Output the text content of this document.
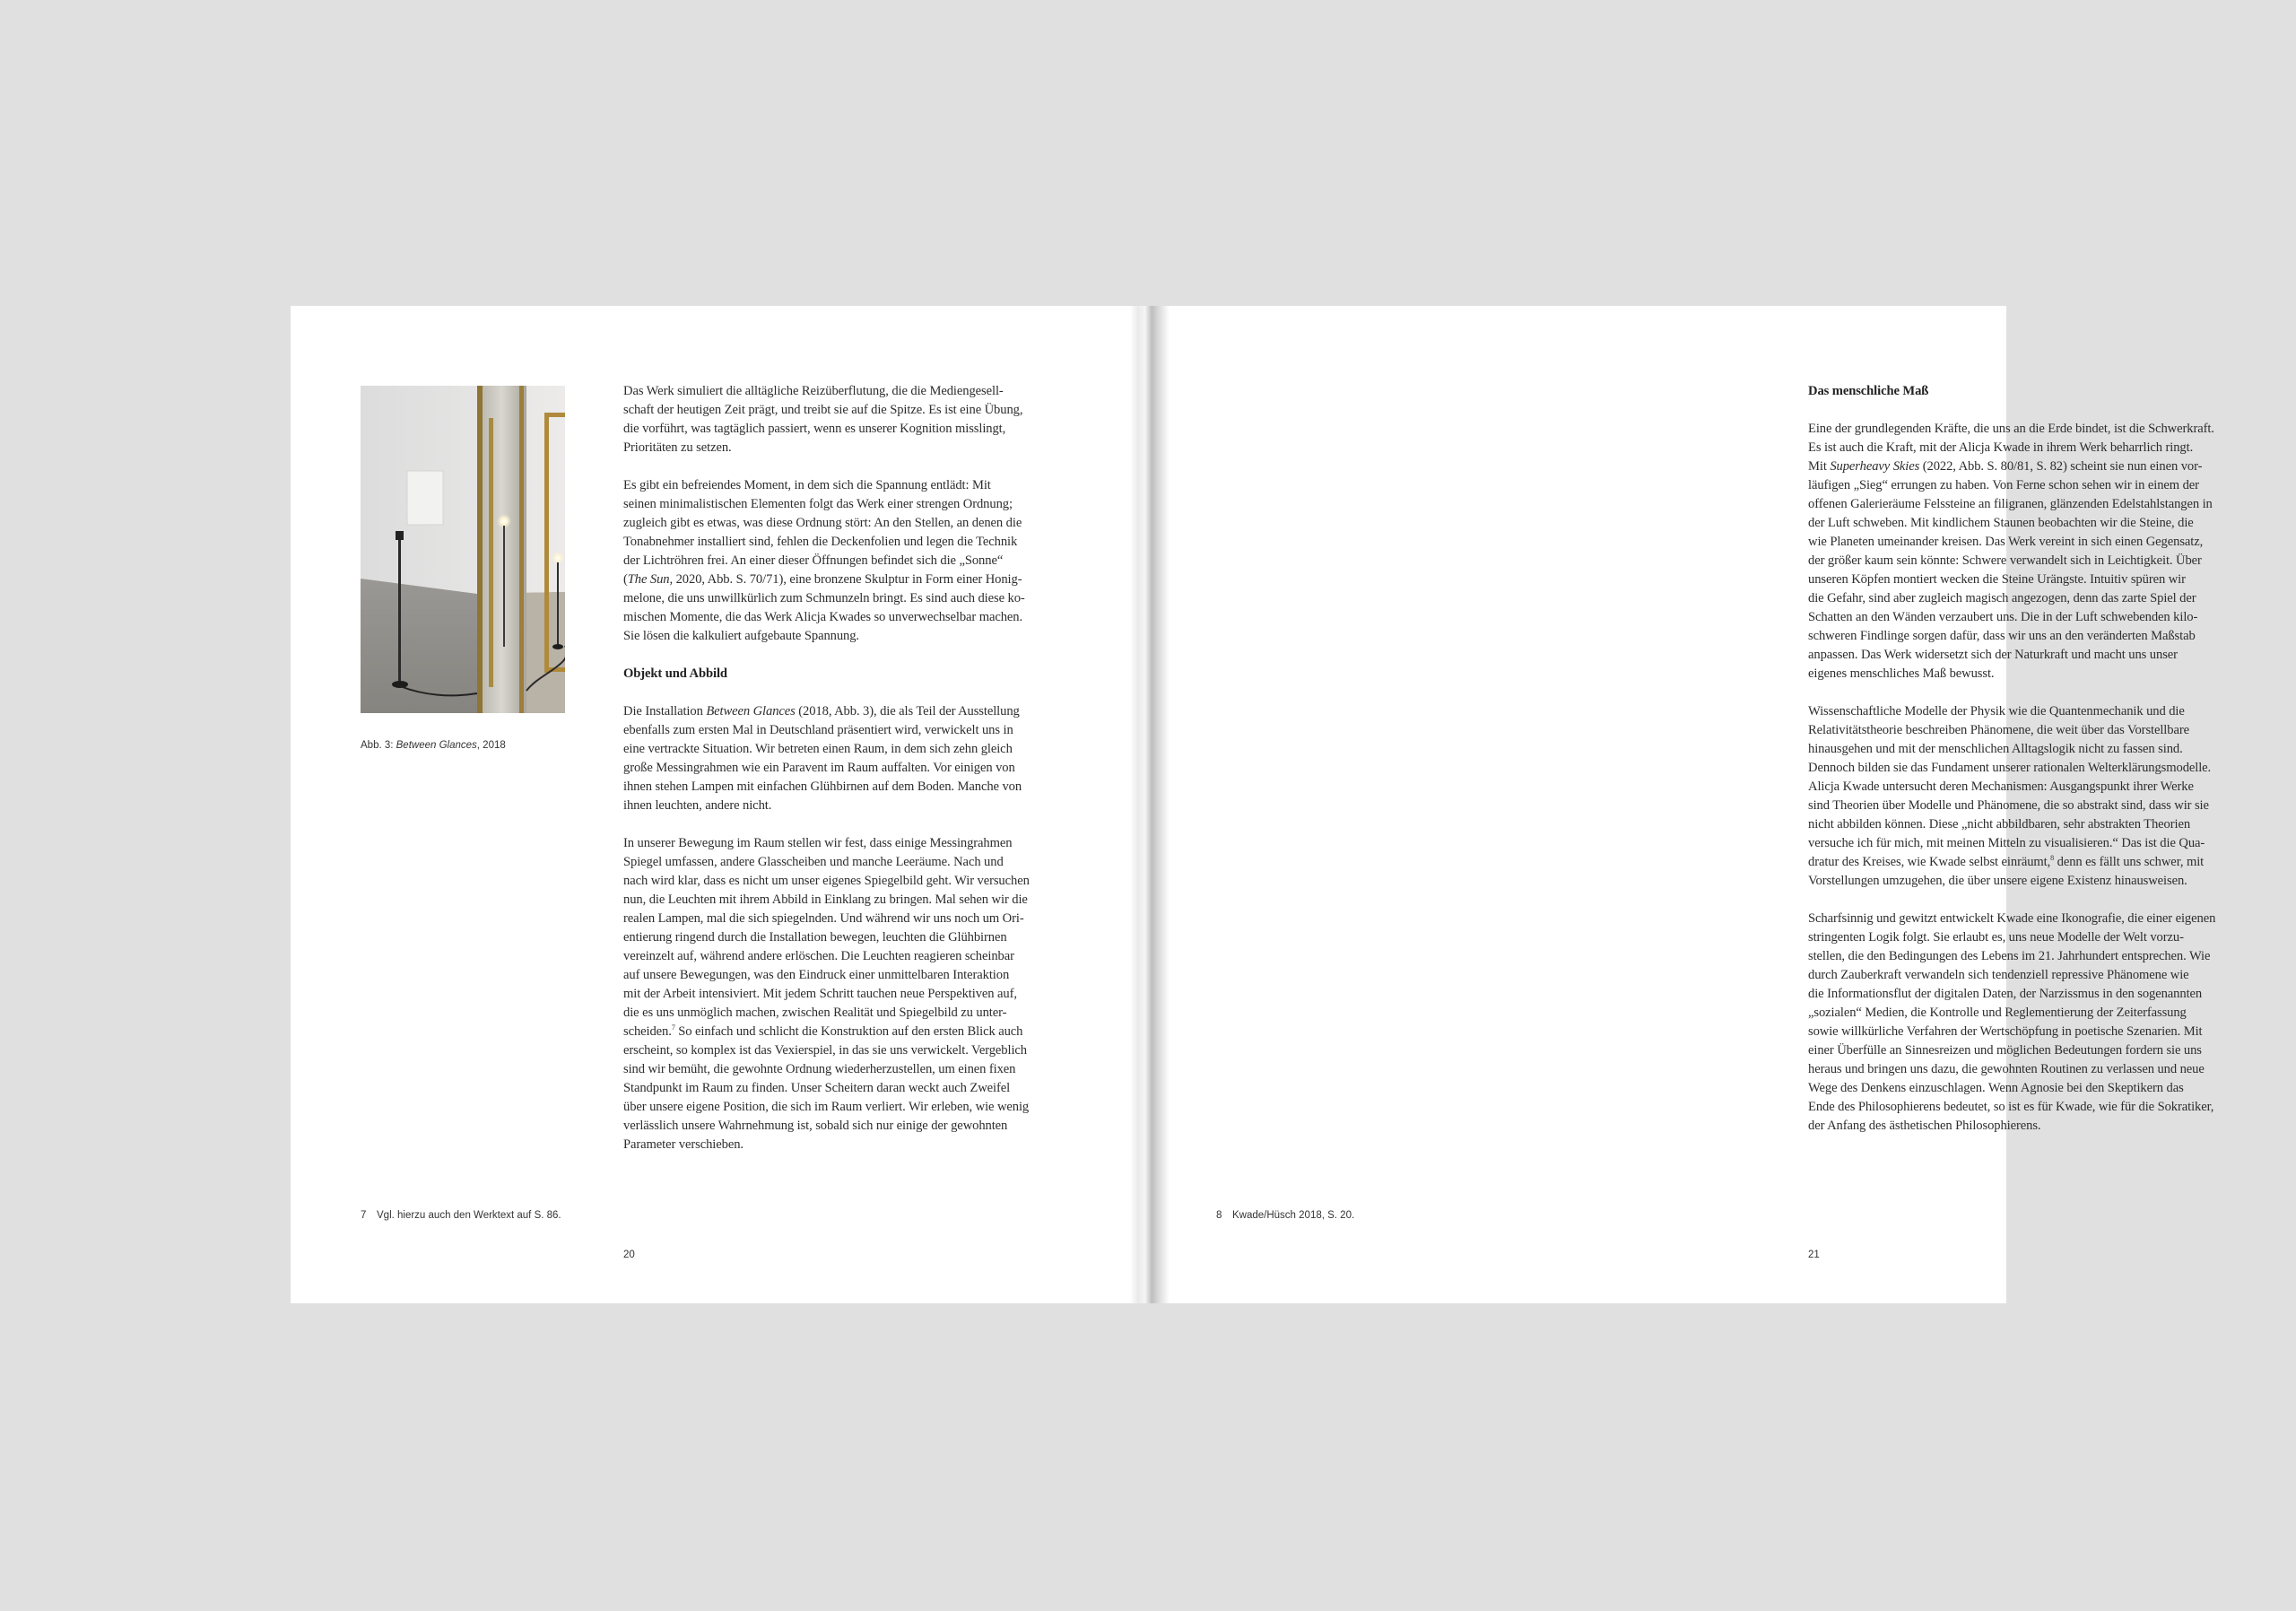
Abb. 3: Between Glances, 2018
Das Werk simuliert die alltägliche Reizüberflutung, die die Mediengesell-
schaft der heutigen Zeit prägt, und treibt sie auf die Spitze. Es ist eine Übung,
die vorführt, was tagtäglich passiert, wenn es unserer Kognition misslingt,
Prioritäten zu setzen.
Es gibt ein befreiendes Moment, in dem sich die Spannung entlädt: Mit
seinen minimalistischen Elementen folgt das Werk einer strengen Ordnung;
zugleich gibt es etwas, was diese Ordnung stört: An den Stellen, an denen die
Tonabnehmer installiert sind, fehlen die Deckenfolien und legen die Technik
der Lichtröhren frei. An einer dieser Öffnungen befindet sich die „Sonne“
(The Sun, 2020, Abb. S. 70/71), eine bronzene Skulptur in Form einer Honig-
melone, die uns unwillkürlich zum Schmunzeln bringt. Es sind auch diese ko-
mischen Momente, die das Werk Alicja Kwades so unverwechselbar machen.
Sie lösen die kalkuliert aufgebaute Spannung.
Objekt und Abbild
Die Installation Between Glances (2018, Abb. 3), die als Teil der Ausstellung
ebenfalls zum ersten Mal in Deutschland präsentiert wird, verwickelt uns in
eine vertrackte Situation. Wir betreten einen Raum, in dem sich zehn gleich
große Messingrahmen wie ein Paravent im Raum auffalten. Vor einigen von
ihnen stehen Lampen mit einfachen Glühbirnen auf dem Boden. Manche von
ihnen leuchten, andere nicht.
In unserer Bewegung im Raum stellen wir fest, dass einige Messingrahmen
Spiegel umfassen, andere Glasscheiben und manche Leeräume. Nach und
nach wird klar, dass es nicht um unser eigenes Spiegelbild geht. Wir versuchen
nun, die Leuchten mit ihrem Abbild in Einklang zu bringen. Mal sehen wir die
realen Lampen, mal die sich spiegelnden. Und während wir uns noch um Ori-
entierung ringend durch die Installation bewegen, leuchten die Glühbirnen
vereinzelt auf, während andere erlöschen. Die Leuchten reagieren scheinbar
auf unsere Bewegungen, was den Eindruck einer unmittelbaren Interaktion
mit der Arbeit intensiviert. Mit jedem Schritt tauchen neue Perspektiven auf,
die es uns unmöglich machen, zwischen Realität und Spiegelbild zu unter-
scheiden.$^7$ So einfach und schlicht die Konstruktion auf den ersten Blick auch
erscheint, so komplex ist das Vexierspiel, in das sie uns verwickelt. Vergeblich
sind wir bemüht, die gewohnte Ordnung wiederherzustellen, um einen fixen
Standpunkt im Raum zu finden. Unser Scheitern daran weckt auch Zweifel
über unsere eigene Position, die sich im Raum verliert. Wir erleben, wie wenig
verlässlich unsere Wahrnehmung ist, sobald sich nur einige der gewohnten
Parameter verschieben.
7 Vgl. hierzu auch den Werktext auf S. 86.
20
Das menschliche Maß
Eine der grundlegenden Kräfte, die uns an die Erde bindet, ist die Schwerkraft.
Es ist auch die Kraft, mit der Alicja Kwade in ihrem Werk beharrlich ringt.
Mit Superheavy Skies (2022, Abb. S. 80/81, S. 82) scheint sie nun einen vor-
läufigen „Sieg“ errungen zu haben. Von Ferne schon sehen wir in einem der
offenen Galerieräume Felssteine an filigranen, glänzenden Edelstahlstangen in
der Luft schweben. Mit kindlichem Staunen beobachten wir die Steine, die
wie Planeten umeinander kreisen. Das Werk vereint in sich einen Gegensatz,
der größer kaum sein könnte: Schwere verwandelt sich in Leichtigkeit. Über
unseren Köpfen montiert wecken die Steine Urängste. Intuitiv spüren wir
die Gefahr, sind aber zugleich magisch angezogen, denn das zarte Spiel der
Schatten an den Wänden verzaubert uns. Die in der Luft schwebenden kilo-
schweren Findlinge sorgen dafür, dass wir uns an den veränderten Maßstab
anpassen. Das Werk widersetzt sich der Naturkraft und macht uns unser
eigenes menschliches Maß bewusst.
Wissenschaftliche Modelle der Physik wie die Quantenmechanik und die
Relativitätstheorie beschreiben Phänomene, die weit über das Vorstellbare
hinausgehen und mit der menschlichen Alltagslogik nicht zu fassen sind.
Dennoch bilden sie das Fundament unserer rationalen Welterklärungsmodelle.
Alicja Kwade untersucht deren Mechanismen: Ausgangspunkt ihrer Werke
sind Theorien über Modelle und Phänomene, die so abstrakt sind, dass wir sie
nicht abbilden können. Diese „nicht abbildbaren, sehr abstrakten Theorien
versuche ich für mich, mit meinen Mitteln zu visualisieren.“ Das ist die Qua-
dratur des Kreises, wie Kwade selbst einräumt,$^8$ denn es fällt uns schwer, mit
Vorstellungen umzugehen, die über unsere eigene Existenz hinausweisen.
Scharfsinnig und gewitzt entwickelt Kwade eine Ikonografie, die einer eigenen
stringenten Logik folgt. Sie erlaubt es, uns neue Modelle der Welt vorzu-
stellen, die den Bedingungen des Lebens im 21. Jahrhundert entsprechen. Wie
durch Zauberkraft verwandeln sich tendenziell repressive Phänomene wie
die Informationsflut der digitalen Daten, der Narzissmus in den sogenannten
„sozialen“ Medien, die Kontrolle und Reglementierung der Zeiterfassung
sowie willkürliche Verfahren der Wertschöpfung in poetische Szenarien. Mit
einer Überfülle an Sinnesreizen und möglichen Bedeutungen fordern sie uns
heraus und bringen uns dazu, die gewohnten Routinen zu verlassen und neue
Wege des Denkens einzuschlagen. Wenn Agnosie bei den Skeptikern das
Ende des Philosophierens bedeutet, so ist es für Kwade, wie für die Sokratiker,
der Anfang des ästhetischen Philosophierens.
8 Kwade/Hüsch 2018, S. 20.
21
